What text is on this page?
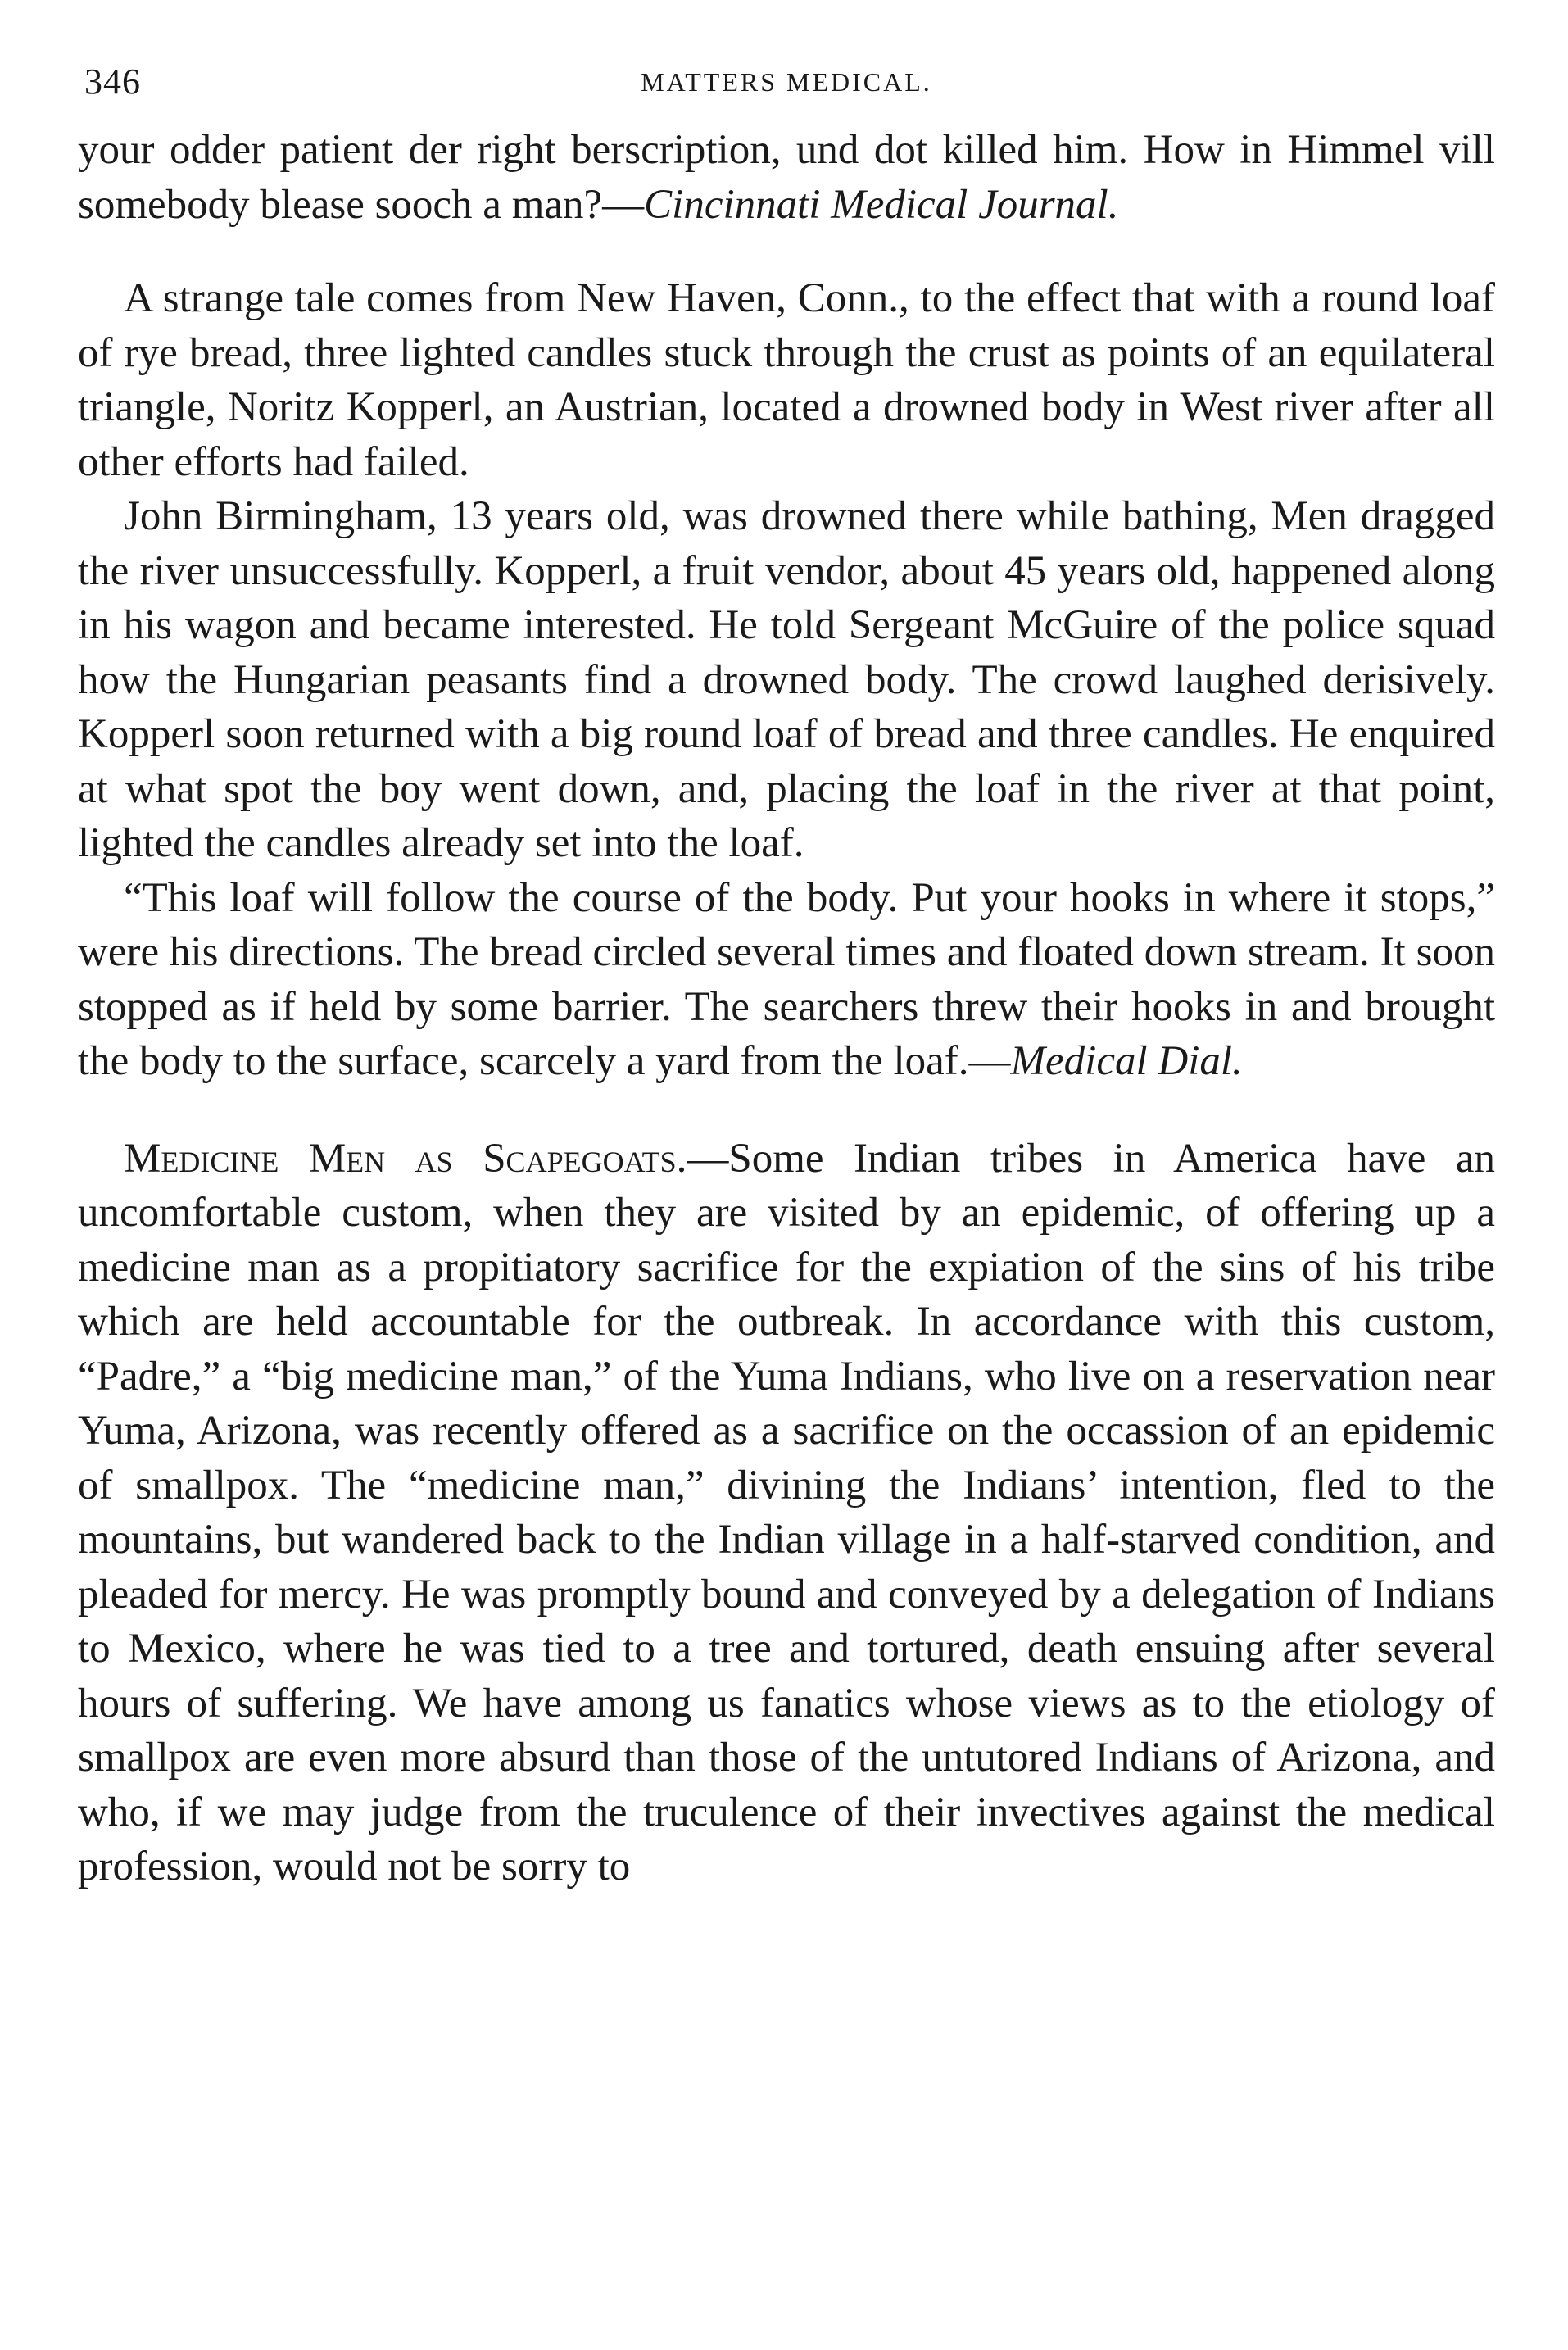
346	MATTERS MEDICAL.

your odder patient der right berscription, und dot killed him. How in Himmel vill somebody blease sooch a man?—Cincinnati Medical Journal.

A strange tale comes from New Haven, Conn., to the effect that with a round loaf of rye bread, three lighted candles stuck through the crust as points of an equilateral triangle, Noritz Kopperl, an Austrian, located a drowned body in West river after all other efforts had failed.

John Birmingham, 13 years old, was drowned there while bathing, Men dragged the river unsuccessfully. Kopperl, a fruit vendor, about 45 years old, happened along in his wagon and became interested. He told Sergeant McGuire of the police squad how the Hungarian peasants find a drowned body. The crowd laughed derisively. Kopperl soon returned with a big round loaf of bread and three candles. He enquired at what spot the boy went down, and, placing the loaf in the river at that point, lighted the candles already set into the loaf.

“This loaf will follow the course of the body. Put your hooks in where it stops,” were his directions. The bread circled several times and floated down stream. It soon stopped as if held by some barrier. The searchers threw their hooks in and brought the body to the surface, scarcely a yard from the loaf.—Medical Dial.

Medicine Men as Scapegoats.—Some Indian tribes in America have an uncomfortable custom, when they are visited by an epidemic, of offering up a medicine man as a propitiatory sacrifice for the expiation of the sins of his tribe which are held accountable for the outbreak. In accordance with this custom, “Padre,” a “big medicine man,” of the Yuma Indians, who live on a reservation near Yuma, Arizona, was recently offered as a sacrifice on the occassion of an epidemic of smallpox. The “medicine man,” divining the Indians’ intention, fled to the mountains, but wandered back to the Indian village in a half-starved condition, and pleaded for mercy. He was promptly bound and conveyed by a delegation of Indians to Mexico, where he was tied to a tree and tortured, death ensuing after several hours of suffering. We have among us fanatics whose views as to the etiology of smallpox are even more absurd than those of the untutored Indians of Arizona, and who, if we may judge from the truculence of their invectives against the medical profession, would not be sorry to
